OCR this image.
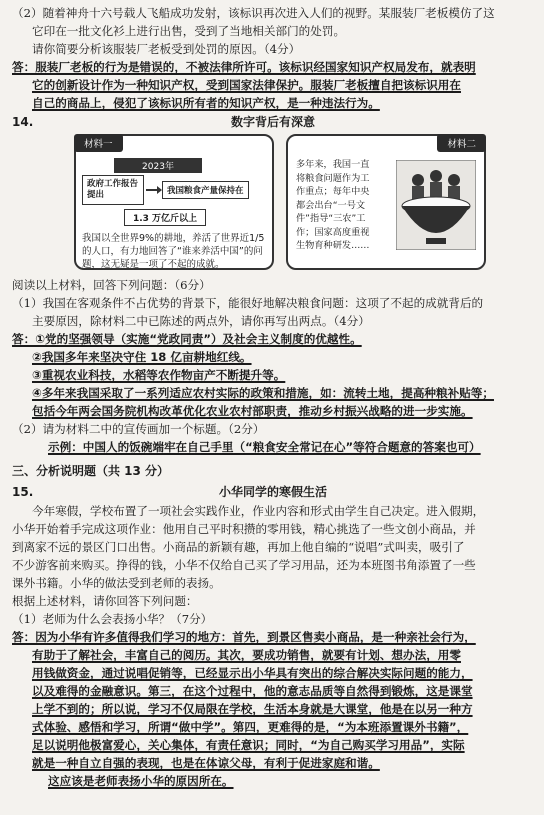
（2）随着神舟十六号载人飞船成功发射，该标识再次进入人们的视野。某服装厂老板模仿了这
它印在一批文化衫上进行出售，受到了当地相关部门的处罚。
请你简要分析该服装厂老板受到处罚的原因。（4分）
答：服装厂老板的行为是错误的，不被法律所许可。该标识经国家知识产权局发布，就表明
它的创新设计作为一种知识产权，受到国家法律保护。服装厂老板擅自把该标识用在
自己的商品上，侵犯了该标识所有者的知识产权，是一种违法行为。
14.	数字背后有深意
材料一
2023年
政府工作报告提出	我国粮食产量保持在
1.3 万亿斤以上
我国以全世界9%的耕地，养活了世界近1/5的人口，有力地回答了“谁来养活中国”的问题，这无疑是一项了不起的成就。
材料二
多年来，我国一直将粮食问题作为工作重点；每年中央都会出台“一号文件”指导“三农”工作；国家高度重视生物育种研发……
阅读以上材料，回答下列问题：（6分）
（1）我国在客观条件不占优势的背景下，能很好地解决粮食问题：这项了不起的成就背后的
主要原因，除材料二中已陈述的两点外，请你再写出两点。（4分）
答：①党的坚强领导（实施“党政同责”）及社会主义制度的优越性。
②我国多年来坚决守住 18 亿亩耕地红线。
③重视农业科技，水稻等农作物亩产不断提升等。
④多年来我国采取了一系列适应农村实际的政策和措施，如：流转土地，提高种粮补贴等；
包括今年两会国务院机构改革优化农业农村部职责，推动乡村振兴战略的进一步实施。
（2）请为材料二中的宣传画加一个标题。（2分）
示例：中国人的饭碗端牢在自己手里（“粮食安全常记在心”等符合题意的答案也可）
三、分析说明题（共 13 分）
15.	小华同学的寒假生活
今年寒假，学校布置了一项社会实践作业，作业内容和形式由学生自己决定。进入假期，
小华开始着手完成这项作业：他用自己平时积攒的零用钱，精心挑选了一些文创小商品，并
到离家不远的景区门口出售。小商品的新颖有趣，再加上他自编的“说唱”式叫卖，吸引了
不少游客前来购买。挣得的钱，小华不仅给自己买了学习用品，还为本班图书角添置了一些
课外书籍。小华的做法受到老师的表扬。
根据上述材料，请你回答下列问题：
（1）老师为什么会表扬小华？（7分）
答：因为小华有许多值得我们学习的地方：首先，到景区售卖小商品，是一种亲社会行为，
有助于了解社会，丰富自己的阅历。其次，要成功销售，就要有计划、想办法，用零
用钱做资金，通过说唱促销等，已经显示出小华具有突出的综合解决实际问题的能力，
以及难得的金融意识。第三，在这个过程中，他的意志品质等自然得到锻炼，这是课堂
上学不到的；所以说，学习不仅局限在学校，生活本身就是大课堂，他是在以另一种方
式体验、感悟和学习，所谓“做中学”。第四，更难得的是，“为本班添置课外书籍”，
足以说明他极富爱心，关心集体，有责任意识；同时，“为自己购买学习用品”，实际
就是一种自立自强的表现，也是在体谅父母，有利于促进家庭和谐。
这应该是老师表扬小华的原因所在。
